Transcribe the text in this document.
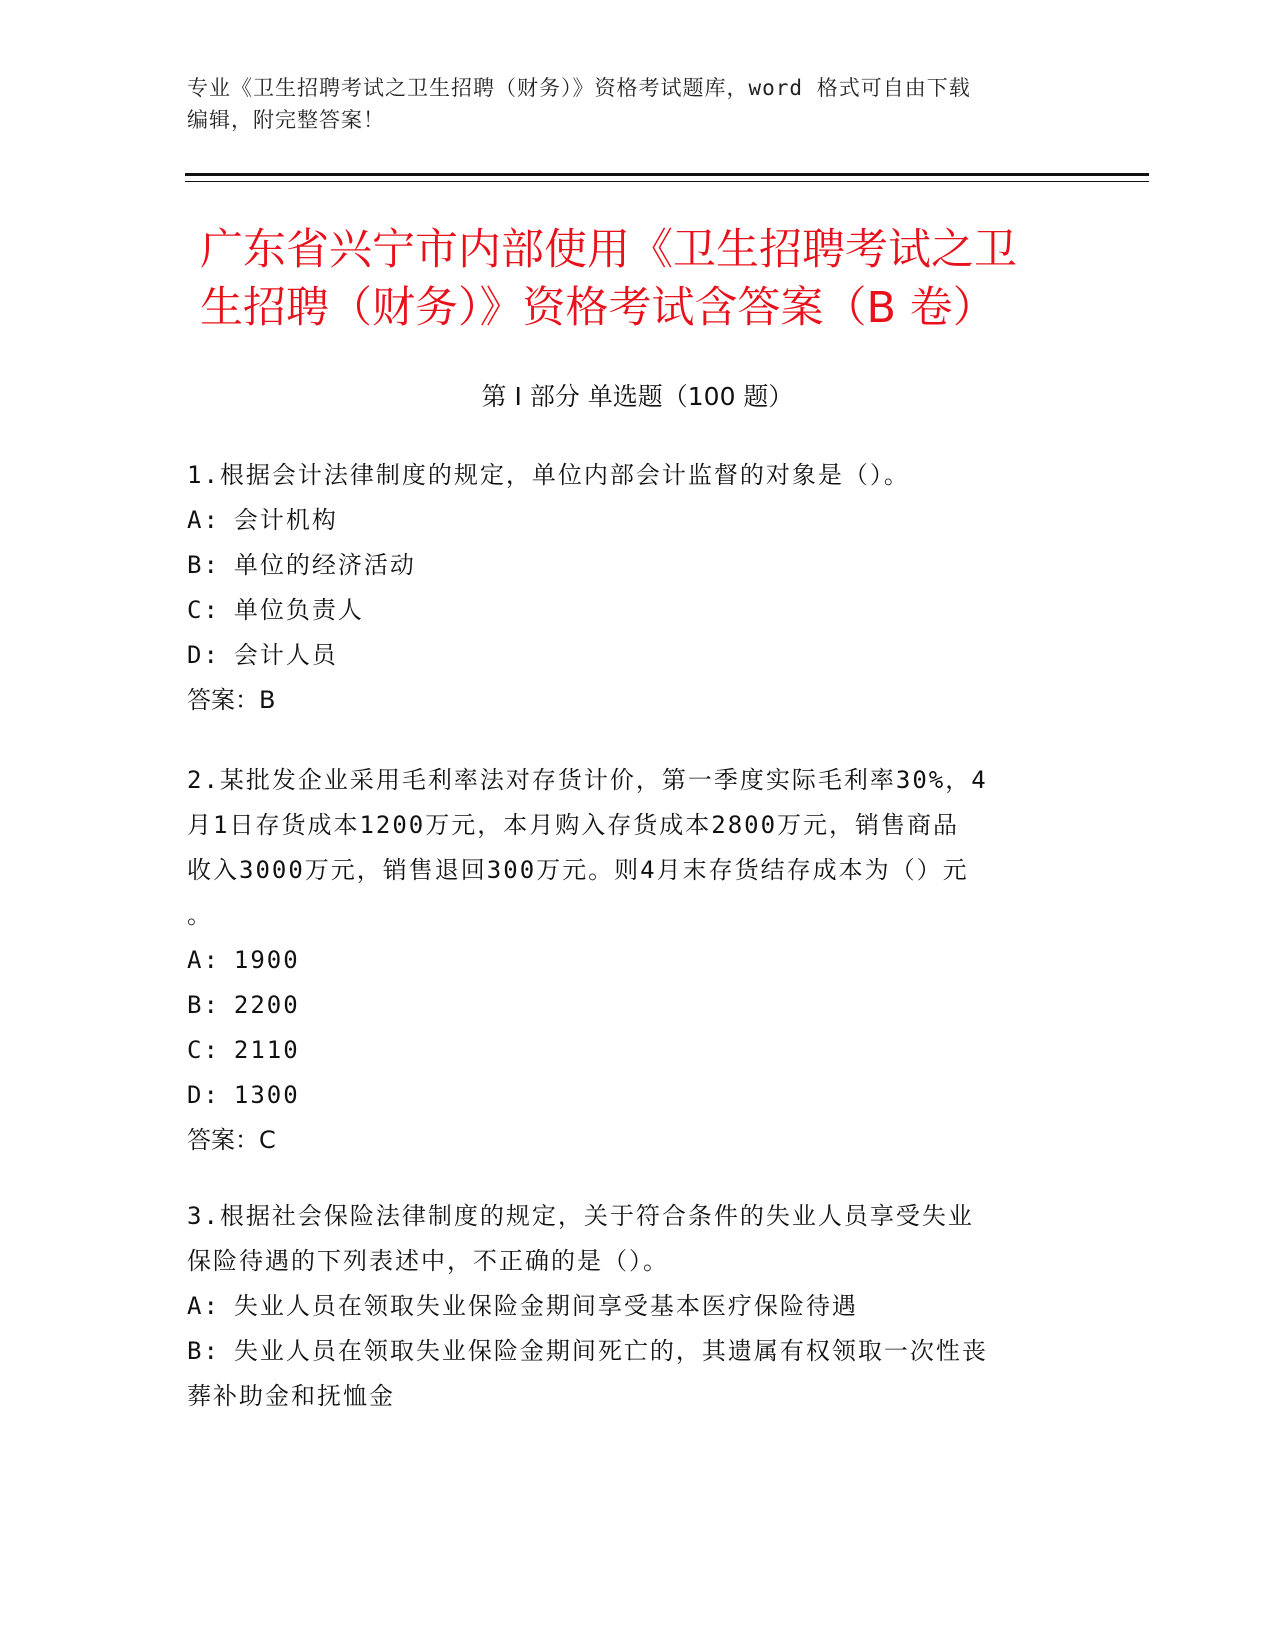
专业《卫生招聘考试之卫生招聘（财务）》资格考试题库，word 格式可自由下载
编辑，附完整答案！
广东省兴宁市内部使用《卫生招聘考试之卫
生招聘（财务）》资格考试含答案（B 卷）
第 I 部分 单选题（100 题）
1.根据会计法律制度的规定，单位内部会计监督的对象是（）。
A: 会计机构
B: 单位的经济活动
C: 单位负责人
D: 会计人员
答案：B
2.某批发企业采用毛利率法对存货计价，第一季度实际毛利率30%，4
月1日存货成本1200万元，本月购入存货成本2800万元，销售商品
收入3000万元，销售退回300万元。则4月末存货结存成本为（）元
。
A: 1900
B: 2200
C: 2110
D: 1300
答案：C
3.根据社会保险法律制度的规定，关于符合条件的失业人员享受失业
保险待遇的下列表述中，不正确的是（）。
A: 失业人员在领取失业保险金期间享受基本医疗保险待遇
B: 失业人员在领取失业保险金期间死亡的，其遗属有权领取一次性丧
葬补助金和抚恤金
